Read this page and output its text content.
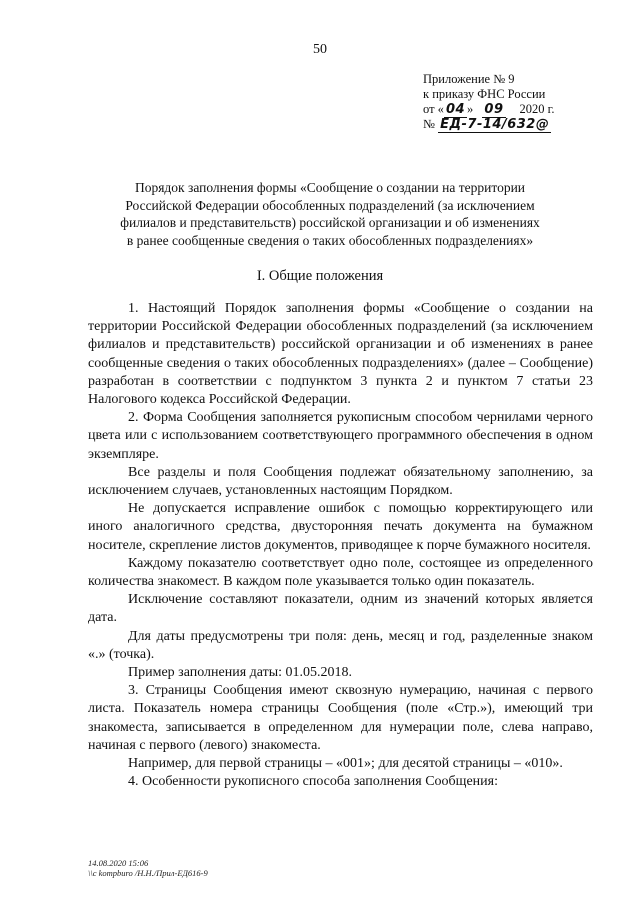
50
Приложение № 9
к приказу ФНС России
от « 04 » 09 2020 г.
№ ЕД-7-14/632@
Порядок заполнения формы «Сообщение о создании на территории
Российской Федерации обособленных подразделений (за исключением
филиалов и представительств) российской организации и об изменениях
в ранее сообщенные сведения о таких обособленных подразделениях»
I. Общие положения

1. Настоящий Порядок заполнения формы «Сообщение о создании на территории Российской Федерации обособленных подразделений (за исключением филиалов и представительств) российской организации и об изменениях в ранее сообщенные сведения о таких обособленных подразделениях» (далее – Сообщение) разработан в соответствии с подпунктом 3 пункта 2 и пунктом 7 статьи 23 Налогового кодекса Российской Федерации.

2. Форма Сообщения заполняется рукописным способом чернилами черного цвета или с использованием соответствующего программного обеспечения в одном экземпляре.

Все разделы и поля Сообщения подлежат обязательному заполнению, за исключением случаев, установленных настоящим Порядком.

Не допускается исправление ошибок с помощью корректирующего или иного аналогичного средства, двусторонняя печать документа на бумажном носителе, скрепление листов документов, приводящее к порче бумажного носителя.

Каждому показателю соответствует одно поле, состоящее из определенного количества знакомест. В каждом поле указывается только один показатель.

Исключение составляют показатели, одним из значений которых является дата.

Для даты предусмотрены три поля: день, месяц и год, разделенные знаком «.» (точка).

Пример заполнения даты: 01.05.2018.

3. Страницы Сообщения имеют сквозную нумерацию, начиная с первого листа. Показатель номера страницы Сообщения (поле «Стр.»), имеющий три знакоместа, записывается в определенном для нумерации поле, слева направо, начиная с первого (левого) знакоместа.

Например, для первой страницы – «001»; для десятой страницы – «010».

4. Особенности рукописного способа заполнения Сообщения:

14.08.2020 15:06
\\c kompburo /Н.Н./Прил-ЕД616-9
